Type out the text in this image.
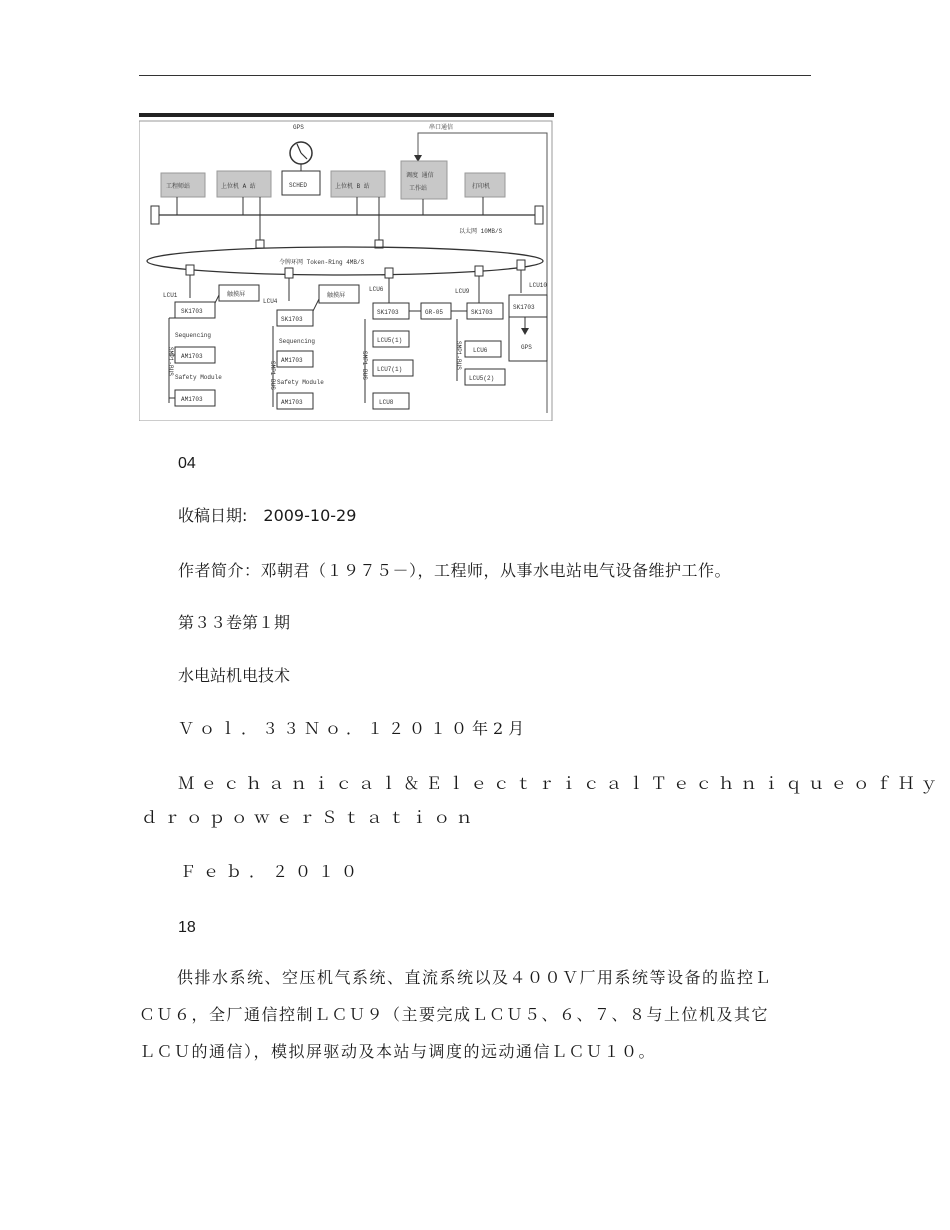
GPS	串口通信
工程师站	上位机 A 站	SCHED	上位机 B 站
调度 通信
工作站	打印机
以太网 10MB/S
令牌环网 Token-Ring 4MB/S
LCU1
SK1703
触摸屏
SMP1-BUS
Sequencing
AM1703
Safety Module
AM1703
LCU4
SK1703
触摸屏
SMP1-BUS
Sequencing
AM1703
Safety Module
AM1703
LCU6
SK1703	GR-05
SMP1-BUS
LCU5(1)
LCU7(1)
LCU8
LCU9
SK1703
SMP1-BUS LCU6
LCU5(2)
LCU10
SK1703
GPS
04
收稿日期:　2009-10-29
作者简介：邓朝君（１９７５－），工程师，从事水电站电气设备维护工作。
第３３卷第１期
水电站机电技术
Ｖｏｌ．３３Ｎｏ．１２０１０年2月
Ｍｅｃｈａｎｉｃａｌ＆ＥｌｅｃｔｒｉｃａｌＴｅｃｈｎｉｑｕｅｏｆＨｙ
ｄｒｏｐｏｗｅｒＳｔａｔｉｏｎ
Ｆｅｂ．２０１０
18
供排水系统、空压机气系统、直流系统以及４００Ｖ厂用系统等设备的监控ＬＣＵ６，全厂通信控制ＬＣＵ９（主要完成ＬＣＵ５、６、７、８与上位机及其它ＬＣＵ的通信），模拟屏驱动及本站与调度的远动通信ＬＣＵ１０。
